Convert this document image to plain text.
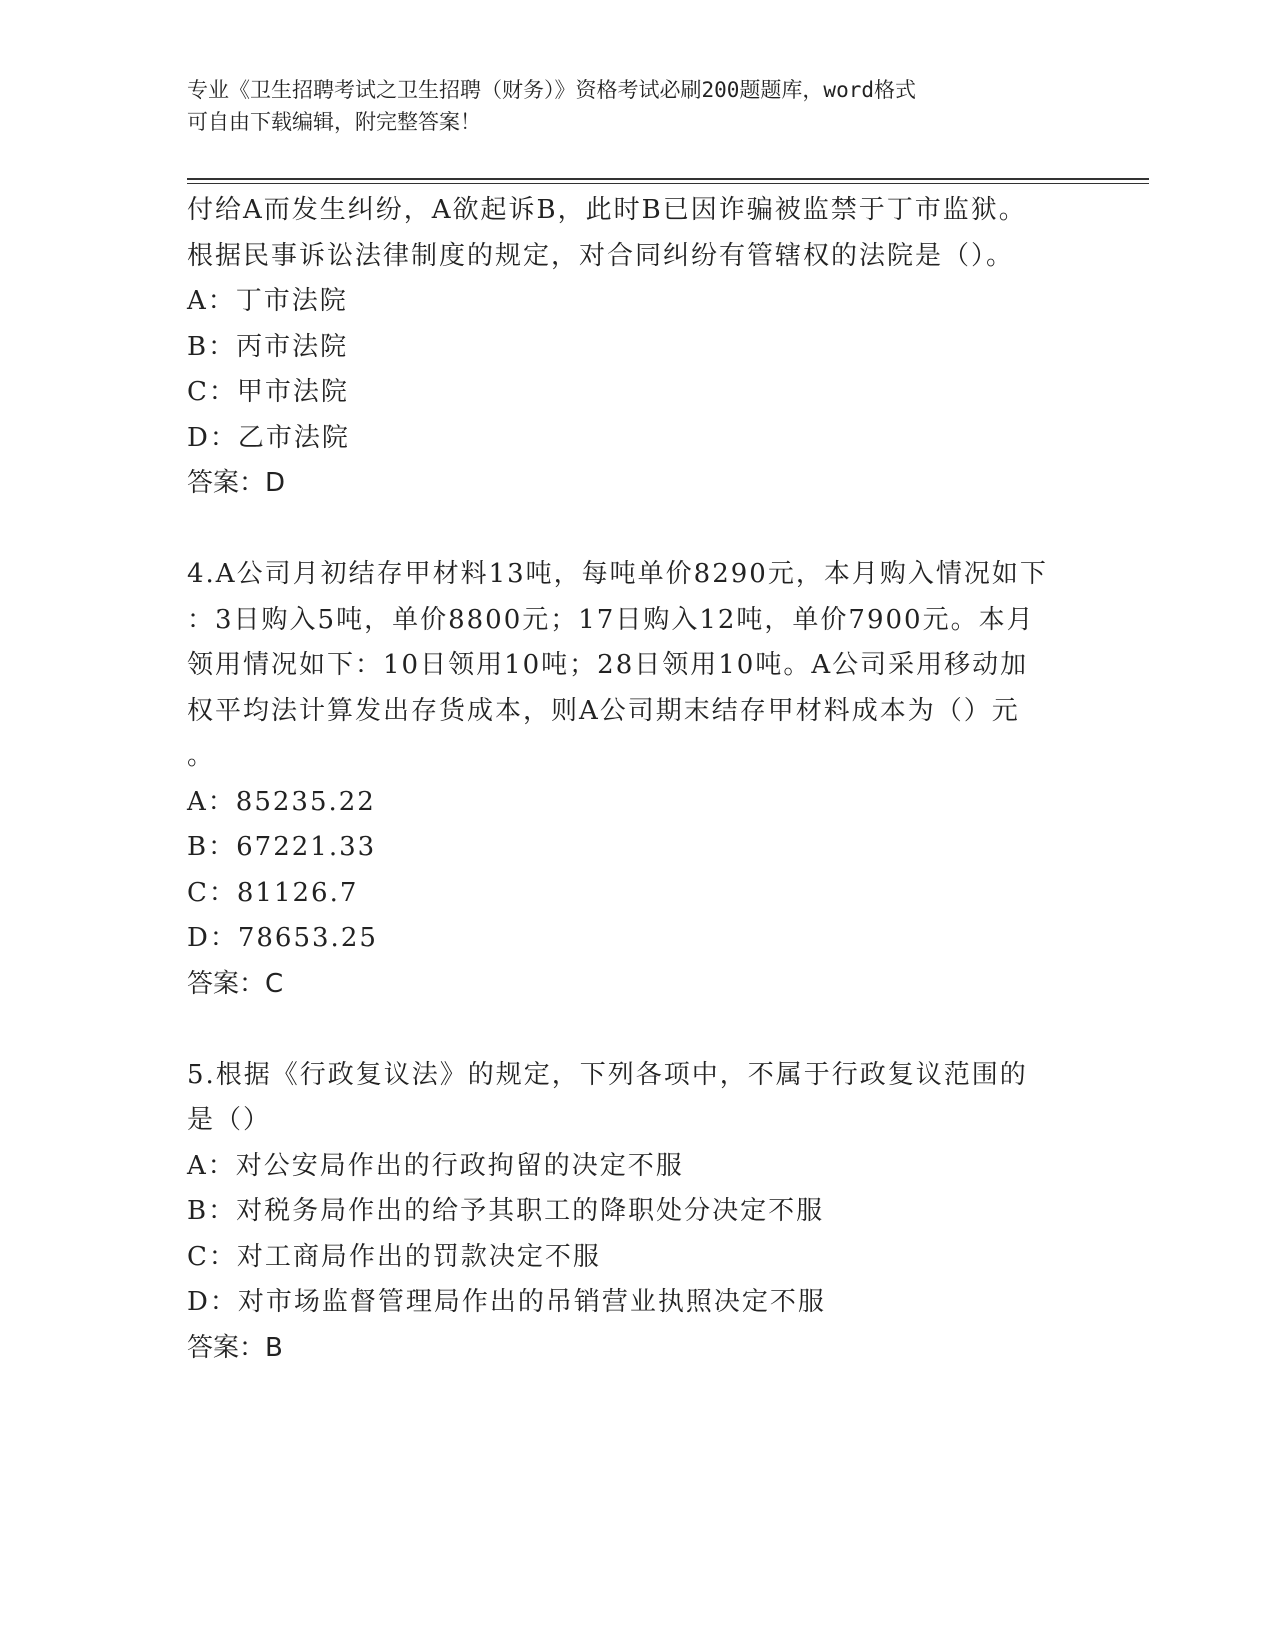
专业《卫生招聘考试之卫生招聘（财务）》资格考试必刷200题题库，word格式
可自由下载编辑，附完整答案！
付给A而发生纠纷，A欲起诉B，此时B已因诈骗被监禁于丁市监狱。
根据民事诉讼法律制度的规定，对合同纠纷有管辖权的法院是（）。
A：丁市法院
B：丙市法院
C：甲市法院
D：乙市法院
答案：D
4.A公司月初结存甲材料13吨，每吨单价8290元，本月购入情况如下
：3日购入5吨，单价8800元；17日购入12吨，单价7900元。本月
领用情况如下：10日领用10吨；28日领用10吨。A公司采用移动加
权平均法计算发出存货成本，则A公司期末结存甲材料成本为（）元
。
A：85235.22
B：67221.33
C：81126.7
D：78653.25
答案：C
5.根据《行政复议法》的规定，下列各项中，不属于行政复议范围的
是（）
A：对公安局作出的行政拘留的决定不服
B：对税务局作出的给予其职工的降职处分决定不服
C：对工商局作出的罚款决定不服
D：对市场监督管理局作出的吊销营业执照决定不服
答案：B
